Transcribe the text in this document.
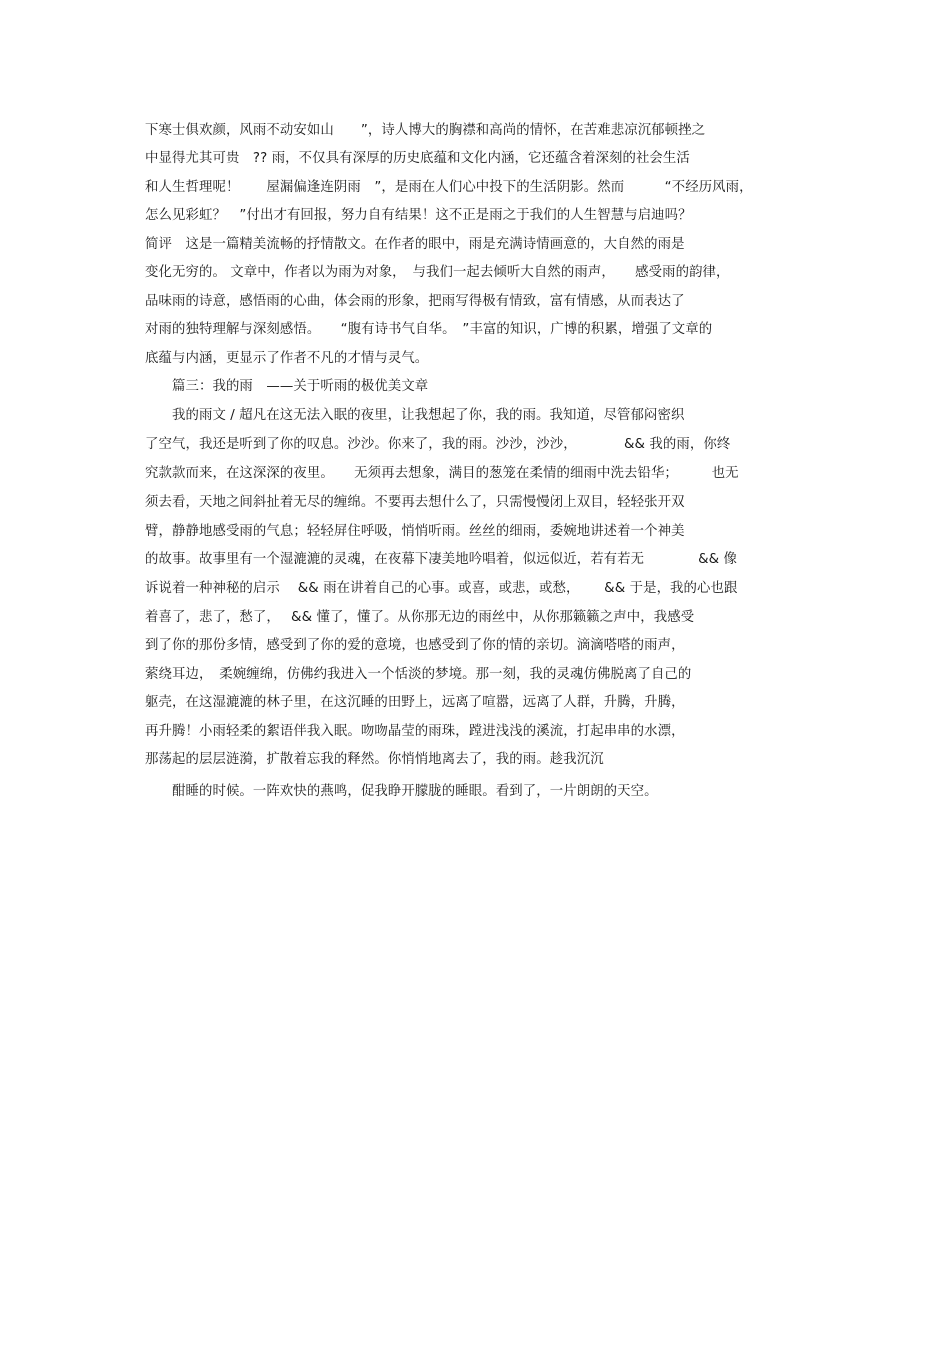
下寒士俱欢颜，风雨不动安如山　　”，诗人博大的胸襟和高尚的情怀，在苦难悲凉沉郁顿挫之
中显得尤其可贵　?? 雨，不仅具有深厚的历史底蕴和文化内涵，它还蕴含着深刻的社会生活
和人生哲理呢！　　屋漏偏逢连阴雨　”，是雨在人们心中投下的生活阴影。然而　　　“不经历风雨，
怎么见彩虹？　”付出才有回报，努力自有结果！这不正是雨之于我们的人生智慧与启迪吗？
简评　这是一篇精美流畅的抒情散文。在作者的眼中，雨是充满诗情画意的，大自然的雨是
变化无穷的。 文章中，作者以为雨为对象，　与我们一起去倾听大自然的雨声，　　感受雨的韵律，
品味雨的诗意，感悟雨的心曲，体会雨的形象，把雨写得极有情致，富有情感，从而表达了
对雨的独特理解与深刻感悟。　　“腹有诗书气自华。　”丰富的知识，广博的积累，增强了文章的
底蕴与内涵，更显示了作者不凡的才情与灵气。
　　篇三：我的雨　——关于听雨的极优美文章
　　我的雨文 / 超凡在这无法入眠的夜里，让我想起了你，我的雨。我知道，尽管郁闷密织
了空气，我还是听到了你的叹息。沙沙。你来了，我的雨。沙沙，沙沙，　　　　&& 我的雨，你终
究款款而来，在这深深的夜里。　　无须再去想象，满目的葱笼在柔情的细雨中洗去铅华；　　　也无
须去看，天地之间斜扯着无尽的缠绵。不要再去想什么了，只需慢慢闭上双目，轻轻张开双
臂，静静地感受雨的气息；轻轻屏住呼吸，悄悄听雨。丝丝的细雨，委婉地讲述着一个神美
的故事。故事里有一个湿漉漉的灵魂，在夜幕下凄美地吟唱着，似远似近，若有若无　　　　&& 像
诉说着一种神秘的启示　 && 雨在讲着自己的心事。或喜，或悲，或愁，　　 && 于是，我的心也跟
着喜了，悲了，愁了，　 && 懂了，懂了。从你那无边的雨丝中，从你那籁籁之声中，我感受
到了你的那份多情，感受到了你的爱的意境，也感受到了你的情的亲切。滴滴嗒嗒的雨声，
萦绕耳边，　柔婉缠绵，仿佛约我进入一个恬淡的梦境。那一刻，我的灵魂仿佛脱离了自己的
躯壳，在这湿漉漉的林子里，在这沉睡的田野上，远离了喧嚣，远离了人群，升腾，升腾，
再升腾！小雨轻柔的絮语伴我入眠。吻吻晶莹的雨珠，蹚进浅浅的溪流，打起串串的水漂，
那荡起的层层涟漪，扩散着忘我的释然。你悄悄地离去了，我的雨。趁我沉沉
　　酣睡的时候。一阵欢快的燕鸣，促我睁开朦胧的睡眼。看到了，一片朗朗的天空。
